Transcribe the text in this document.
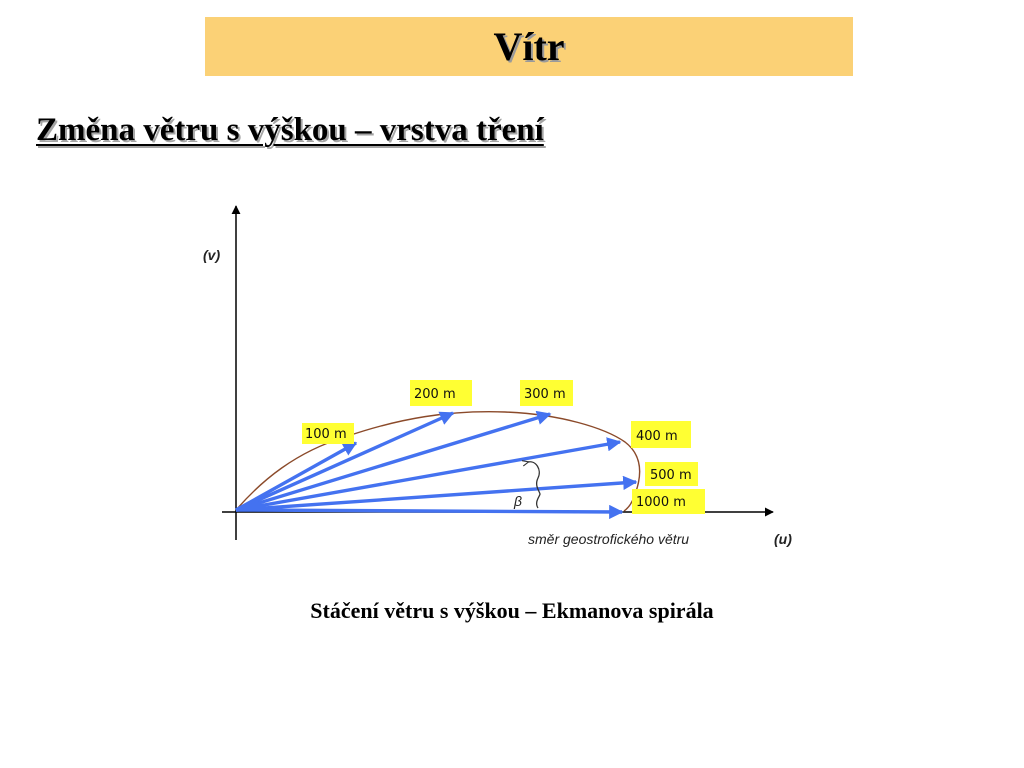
Vítr
Změna větru s výškou – vrstva tření
β
100 m
200 m	300 m
400 m
500 m
1000 m
(v)
směr geostrofického větru	(u)
Stáčení větru s výškou – Ekmanova spirála
